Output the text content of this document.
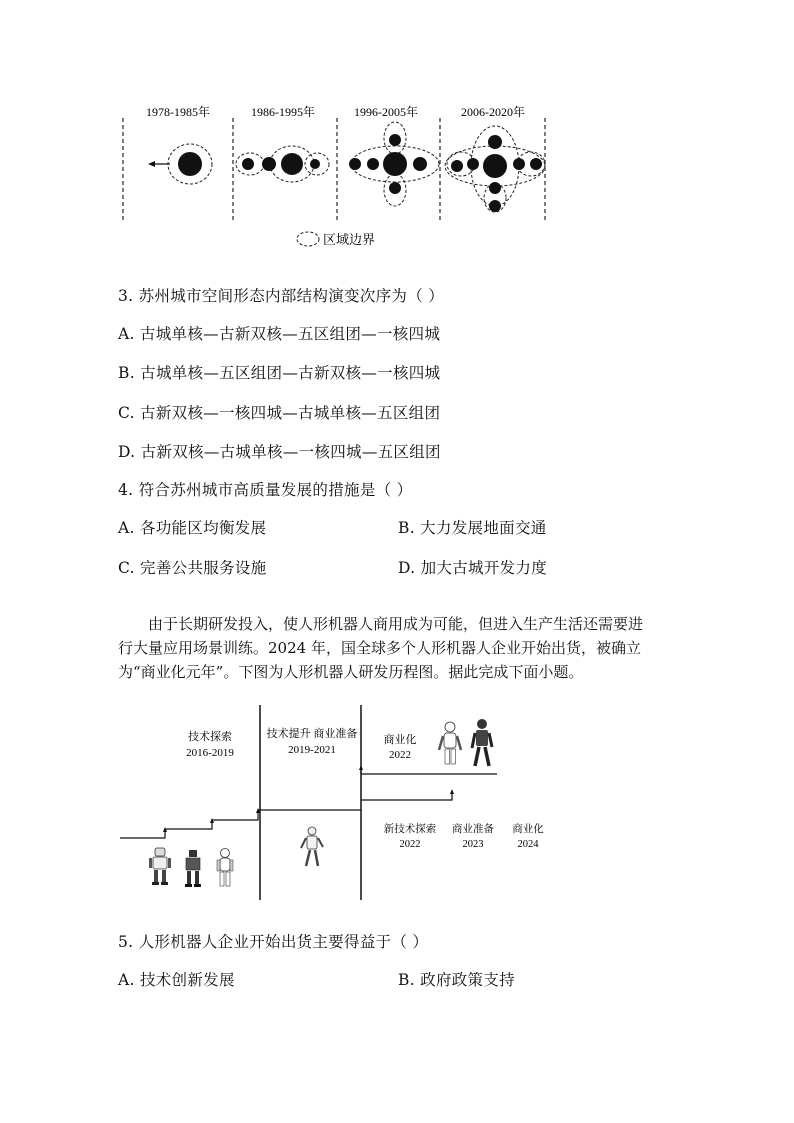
1978-1985年	1986-1995年	1996-2005年	2006-2020年
区域边界
3. 苏州城市空间形态内部结构演变次序为（ ）
A. 古城单核—古新双核—五区组团—一核四城
B. 古城单核—五区组团—古新双核—一核四城
C. 古新双核—一核四城—古城单核—五区组团
D. 古新双核—古城单核—一核四城—五区组团
4. 符合苏州城市高质量发展的措施是（ ）
A. 各功能区均衡发展	B. 大力发展地面交通
C. 完善公共服务设施	D. 加大古城开发力度

由于长期研发投入，使人形机器人商用成为可能，但进入生产生活还需要进

行大量应用场景训练。2024 年，国全球多个人形机器人企业开始出货，被确立

为“商业化元年”。下图为人形机器人研发历程图。据此完成下面小题。

技术探索
2016-2019
技术提升 商业准备
2019-2021
商业化
2022
新技术探索
2022
商业准备
2023
商业化
2024
5. 人形机器人企业开始出货主要得益于（ ）
A. 技术创新发展	B. 政府政策支持
